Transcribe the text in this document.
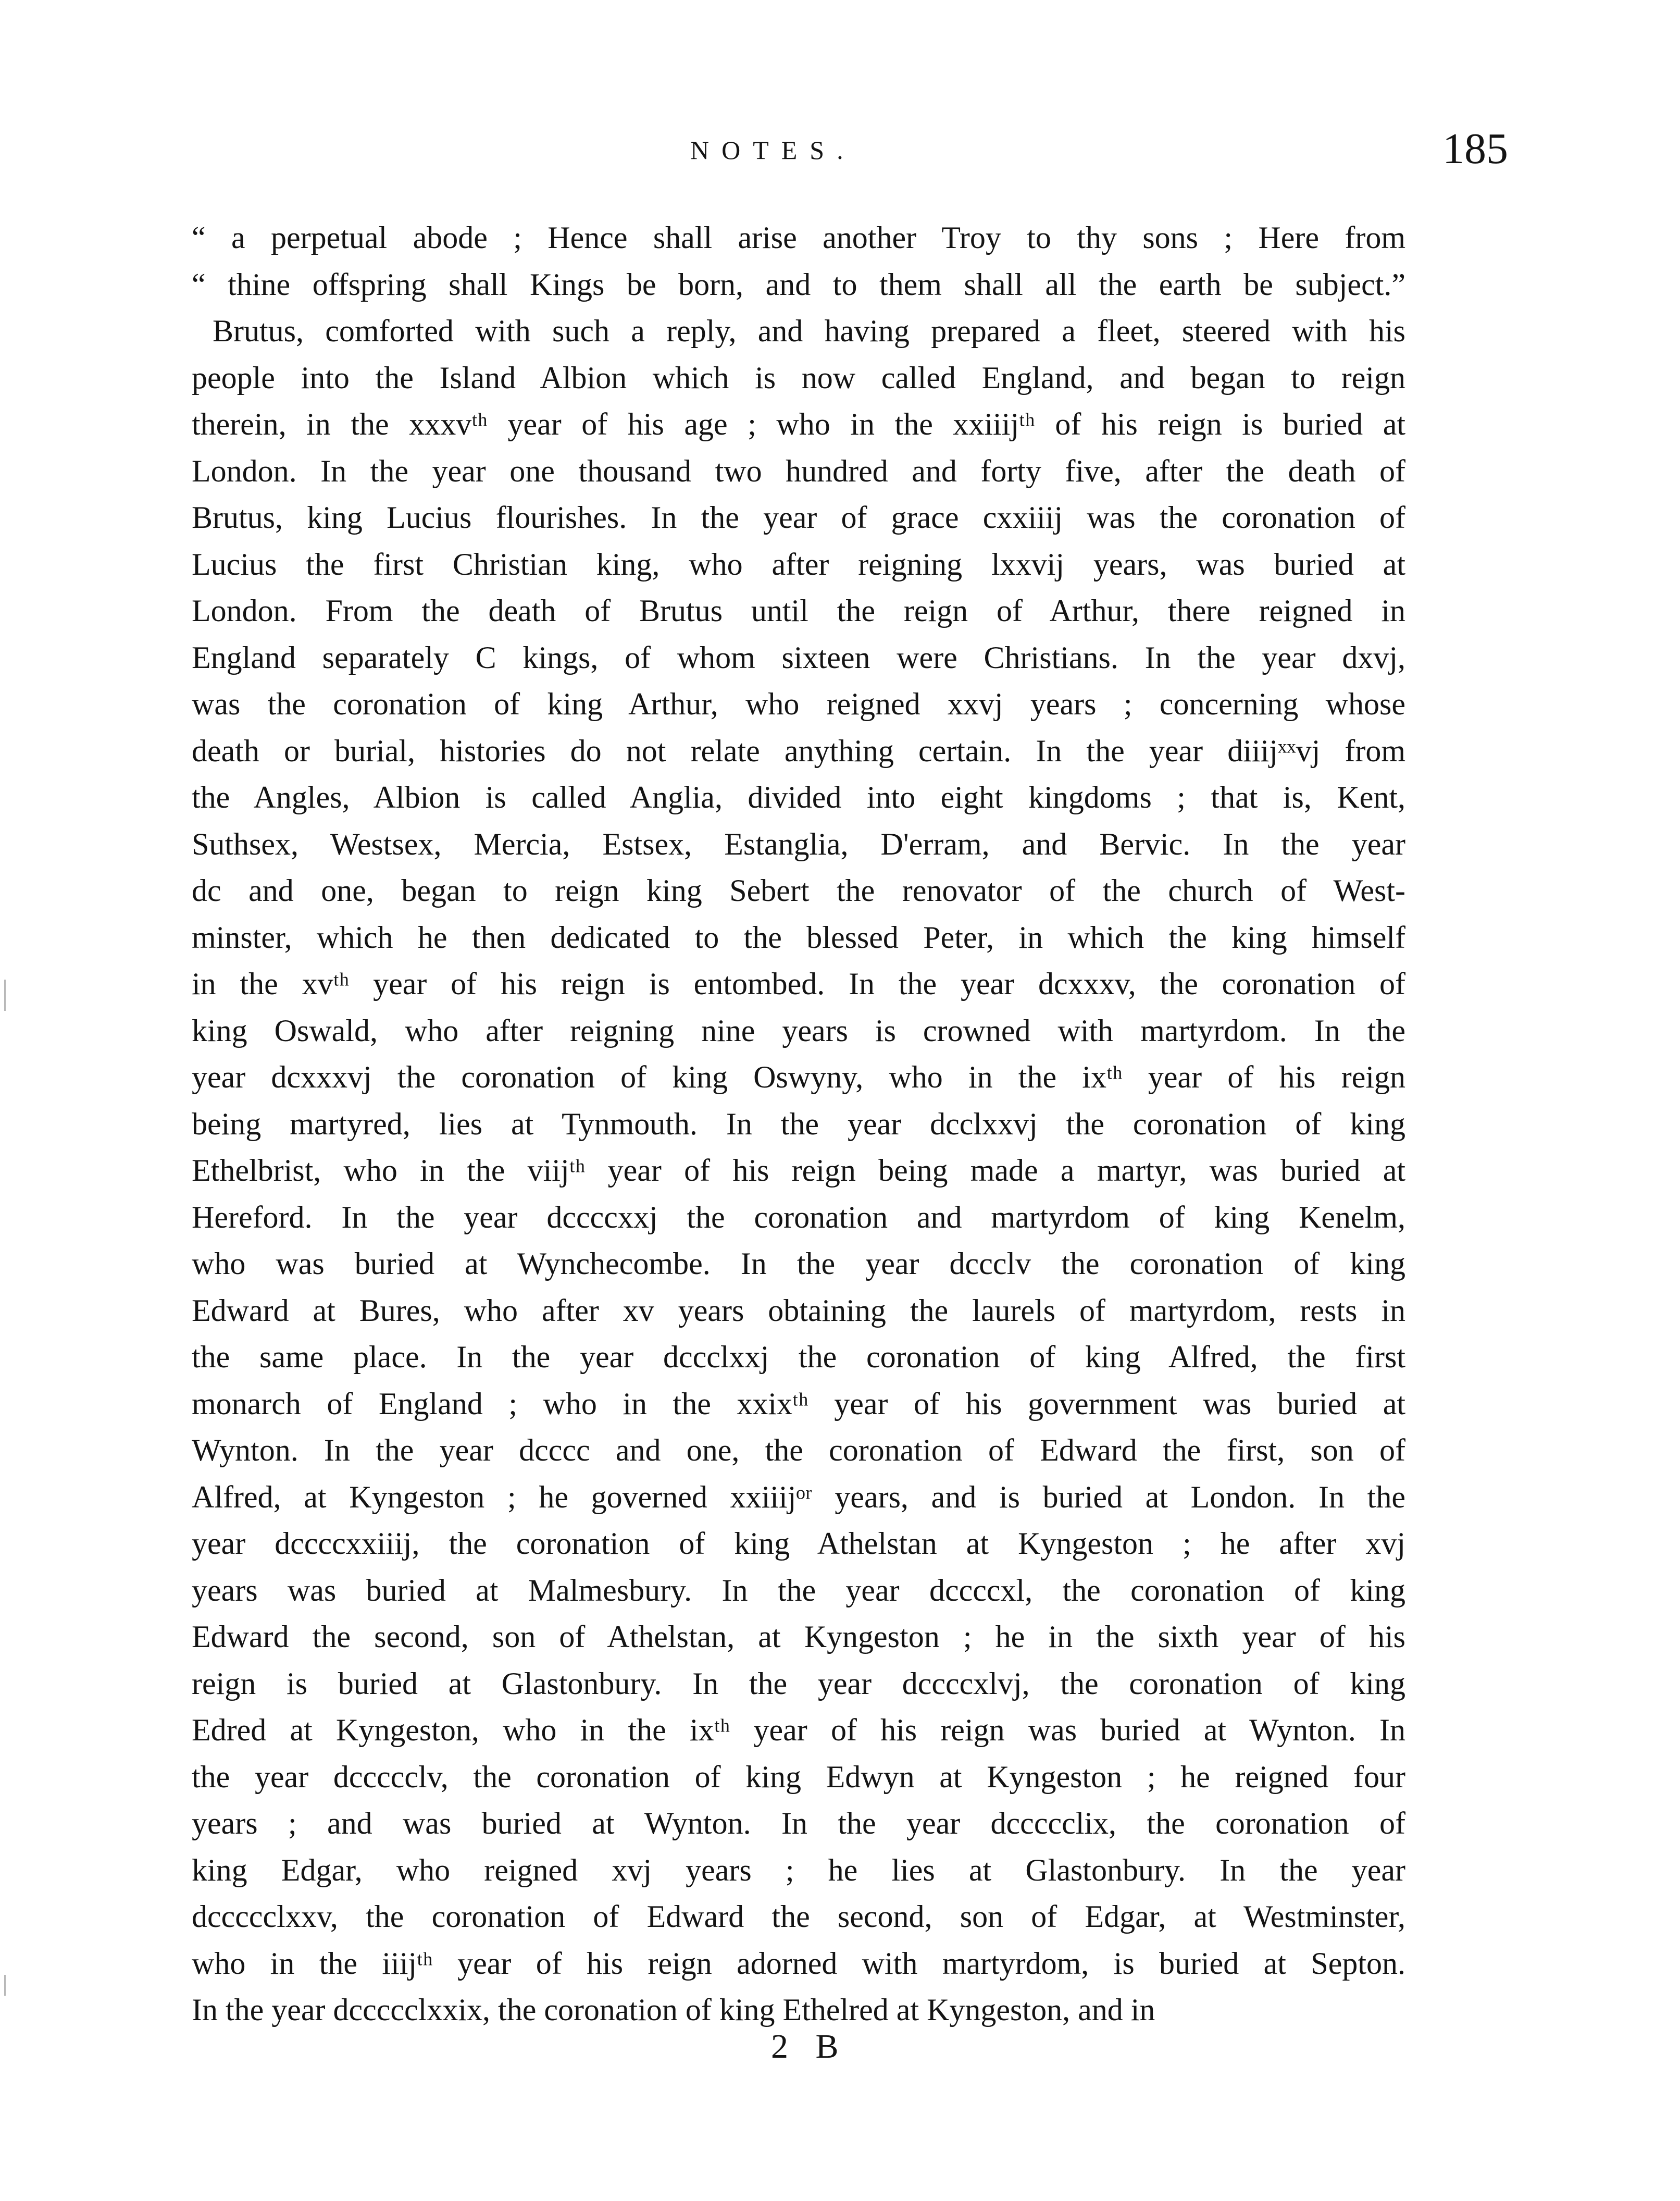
NOTES.	185
“ a perpetual abode ; Hence shall arise another Troy to thy sons ; Here from
“ thine offspring shall Kings be born, and to them shall all the earth be subject.”
Brutus, comforted with such a reply, and having prepared a fleet, steered with his
people into the Island Albion which is now called England, and began to reign
therein, in the xxxvᵗʰ year of his age ; who in the xxiiijᵗʰ of his reign is buried at
London. In the year one thousand two hundred and forty five, after the death of
Brutus, king Lucius flourishes. In the year of grace cxxiiij was the coronation of
Lucius the first Christian king, who after reigning lxxvij years, was buried at
London. From the death of Brutus until the reign of Arthur, there reigned in
England separately C kings, of whom sixteen were Christians. In the year dxvj,
was the coronation of king Arthur, who reigned xxvj years ; concerning whose
death or burial, histories do not relate anything certain. In the year diiijˣˣvj from
the Angles, Albion is called Anglia, divided into eight kingdoms ; that is, Kent,
Suthsex, Westsex, Mercia, Estsex, Estanglia, D'erram, and Bervic. In the year
dc and one, began to reign king Sebert the renovator of the church of West-
minster, which he then dedicated to the blessed Peter, in which the king himself
in the xvᵗʰ year of his reign is entombed. In the year dcxxxv, the coronation of
king Oswald, who after reigning nine years is crowned with martyrdom. In the
year dcxxxvj the coronation of king Oswyny, who in the ixᵗʰ year of his reign
being martyred, lies at Tynmouth. In the year dcclxxvj the coronation of king
Ethelbrist, who in the viijᵗʰ year of his reign being made a martyr, was buried at
Hereford. In the year dccccxxj the coronation and martyrdom of king Kenelm,
who was buried at Wynchecombe. In the year dccclv the coronation of king
Edward at Bures, who after xv years obtaining the laurels of martyrdom, rests in
the same place. In the year dccclxxj the coronation of king Alfred, the first
monarch of England ; who in the xxixᵗʰ year of his government was buried at
Wynton. In the year dcccc and one, the coronation of Edward the first, son of
Alfred, at Kyngeston ; he governed xxiiijᵒʳ years, and is buried at London. In the
year dccccxxiiij, the coronation of king Athelstan at Kyngeston ; he after xvj
years was buried at Malmesbury. In the year dccccxl, the coronation of king
Edward the second, son of Athelstan, at Kyngeston ; he in the sixth year of his
reign is buried at Glastonbury. In the year dccccxlvj, the coronation of king
Edred at Kyngeston, who in the ixᵗʰ year of his reign was buried at Wynton. In
the year dccccclv, the coronation of king Edwyn at Kyngeston ; he reigned four
years ; and was buried at Wynton. In the year dccccclix, the coronation of
king Edgar, who reigned xvj years ; he lies at Glastonbury. In the year
dccccclxxv, the coronation of Edward the second, son of Edgar, at Westminster,
who in the iiijᵗʰ year of his reign adorned with martyrdom, is buried at Septon.
In the year dccccclxxix, the coronation of king Ethelred at Kyngeston, and in
2 B
